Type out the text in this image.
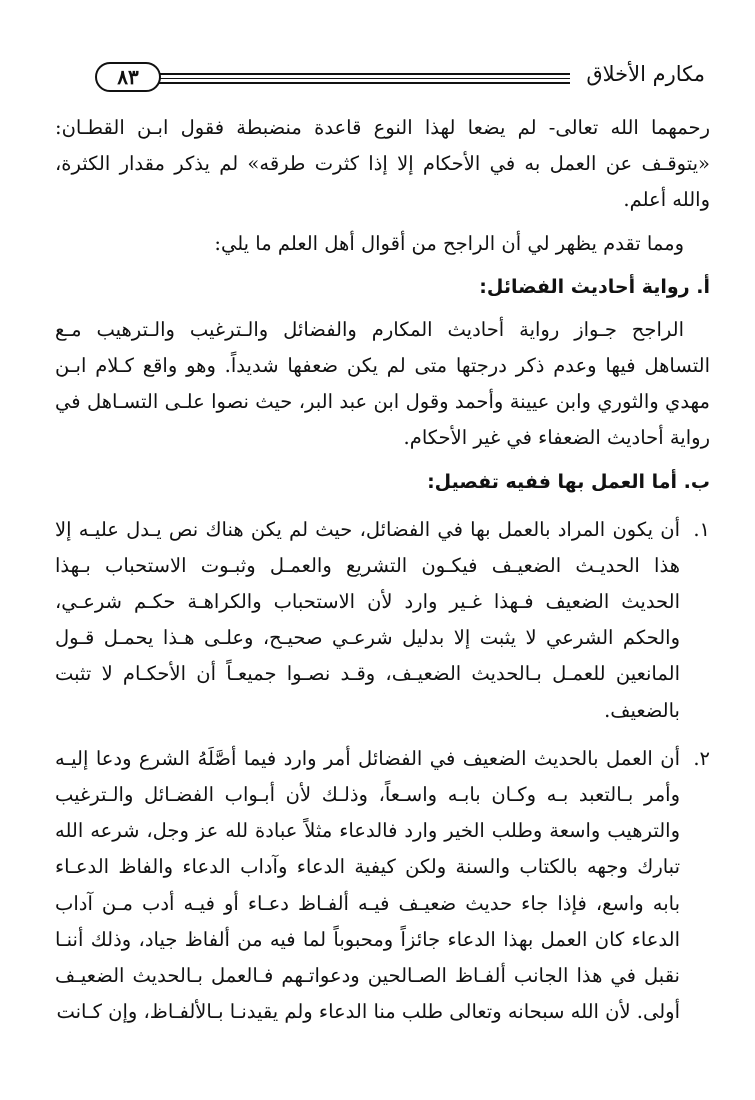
مكارم الأخلاق
٨٣

رحمهما الله تعالى- لم يضعا لهذا النوع قاعدة منضبطة فقول ابـن القطـان: «يتوقـف عن العمل به في الأحكام إلا إذا كثرت طرقه» لم يذكر مقدار الكثرة، والله أعلم.

ومما تقدم يظهر لي أن الراجح من أقوال أهل العلم ما يلي:

أ. رواية أحاديث الفضائل:

الراجح جـواز رواية أحاديث المكارم والفضائل والـترغيب والـترهيب مـع التساهل فيها وعدم ذكر درجتها متى لم يكن ضعفها شديداً. وهو واقع كـلام ابـن مهدي والثوري وابن عيينة وأحمد وقول ابن عبد البر، حيث نصوا علـى التسـاهل في رواية أحاديث الضعفاء في غير الأحكام.

ب. أما العمل بها ففيه تفصيل:
١.
أن يكون المراد بالعمل بها في الفضائل، حيث لم يكن هناك نص يـدل عليـه إلا هذا الحديـث الضعيـف فيكـون التشريع والعمـل وثبـوت الاستحباب بـهذا الحديث الضعيف فـهذا غـير وارد لأن الاستحباب والكراهـة حكـم شرعـي، والحكم الشرعي لا يثبت إلا بدليل شرعـي صحيـح، وعلـى هـذا يحمـل قـول المانعين للعمـل بـالحديث الضعيـف، وقـد نصـوا جميعـاً أن الأحكـام لا تثبت بالضعيف.
٢.
أن العمل بالحديث الضعيف في الفضائل أمر وارد فيما أصَّلَهُ الشرع ودعا إليـه وأمر بـالتعبد بـه وكـان بابـه واسـعاً، وذلـك لأن أبـواب الفضـائل والـترغيب والترهيب واسعة وطلب الخير وارد فالدعاء مثلاً عبادة لله عز وجل، شرعه الله تبارك وجهه بالكتاب والسنة ولكن كيفية الدعاء وآداب الدعاء والفاظ الدعـاء بابه واسع، فإذا جاء حديث ضعيـف فيـه ألفـاظ دعـاء أو فيـه أدب مـن آداب الدعاء كان العمل بهذا الدعاء جائزاً ومحبوباً لما فيه من ألفاظ جياد، وذلك أننـا نقبل في هذا الجانب ألفـاظ الصـالحين ودعواتـهم فـالعمل بـالحديث الضعيـف أولى. لأن الله سبحانه وتعالى طلب منا الدعاء ولم يقيدنـا بـالألفـاظ، وإن كـانت
